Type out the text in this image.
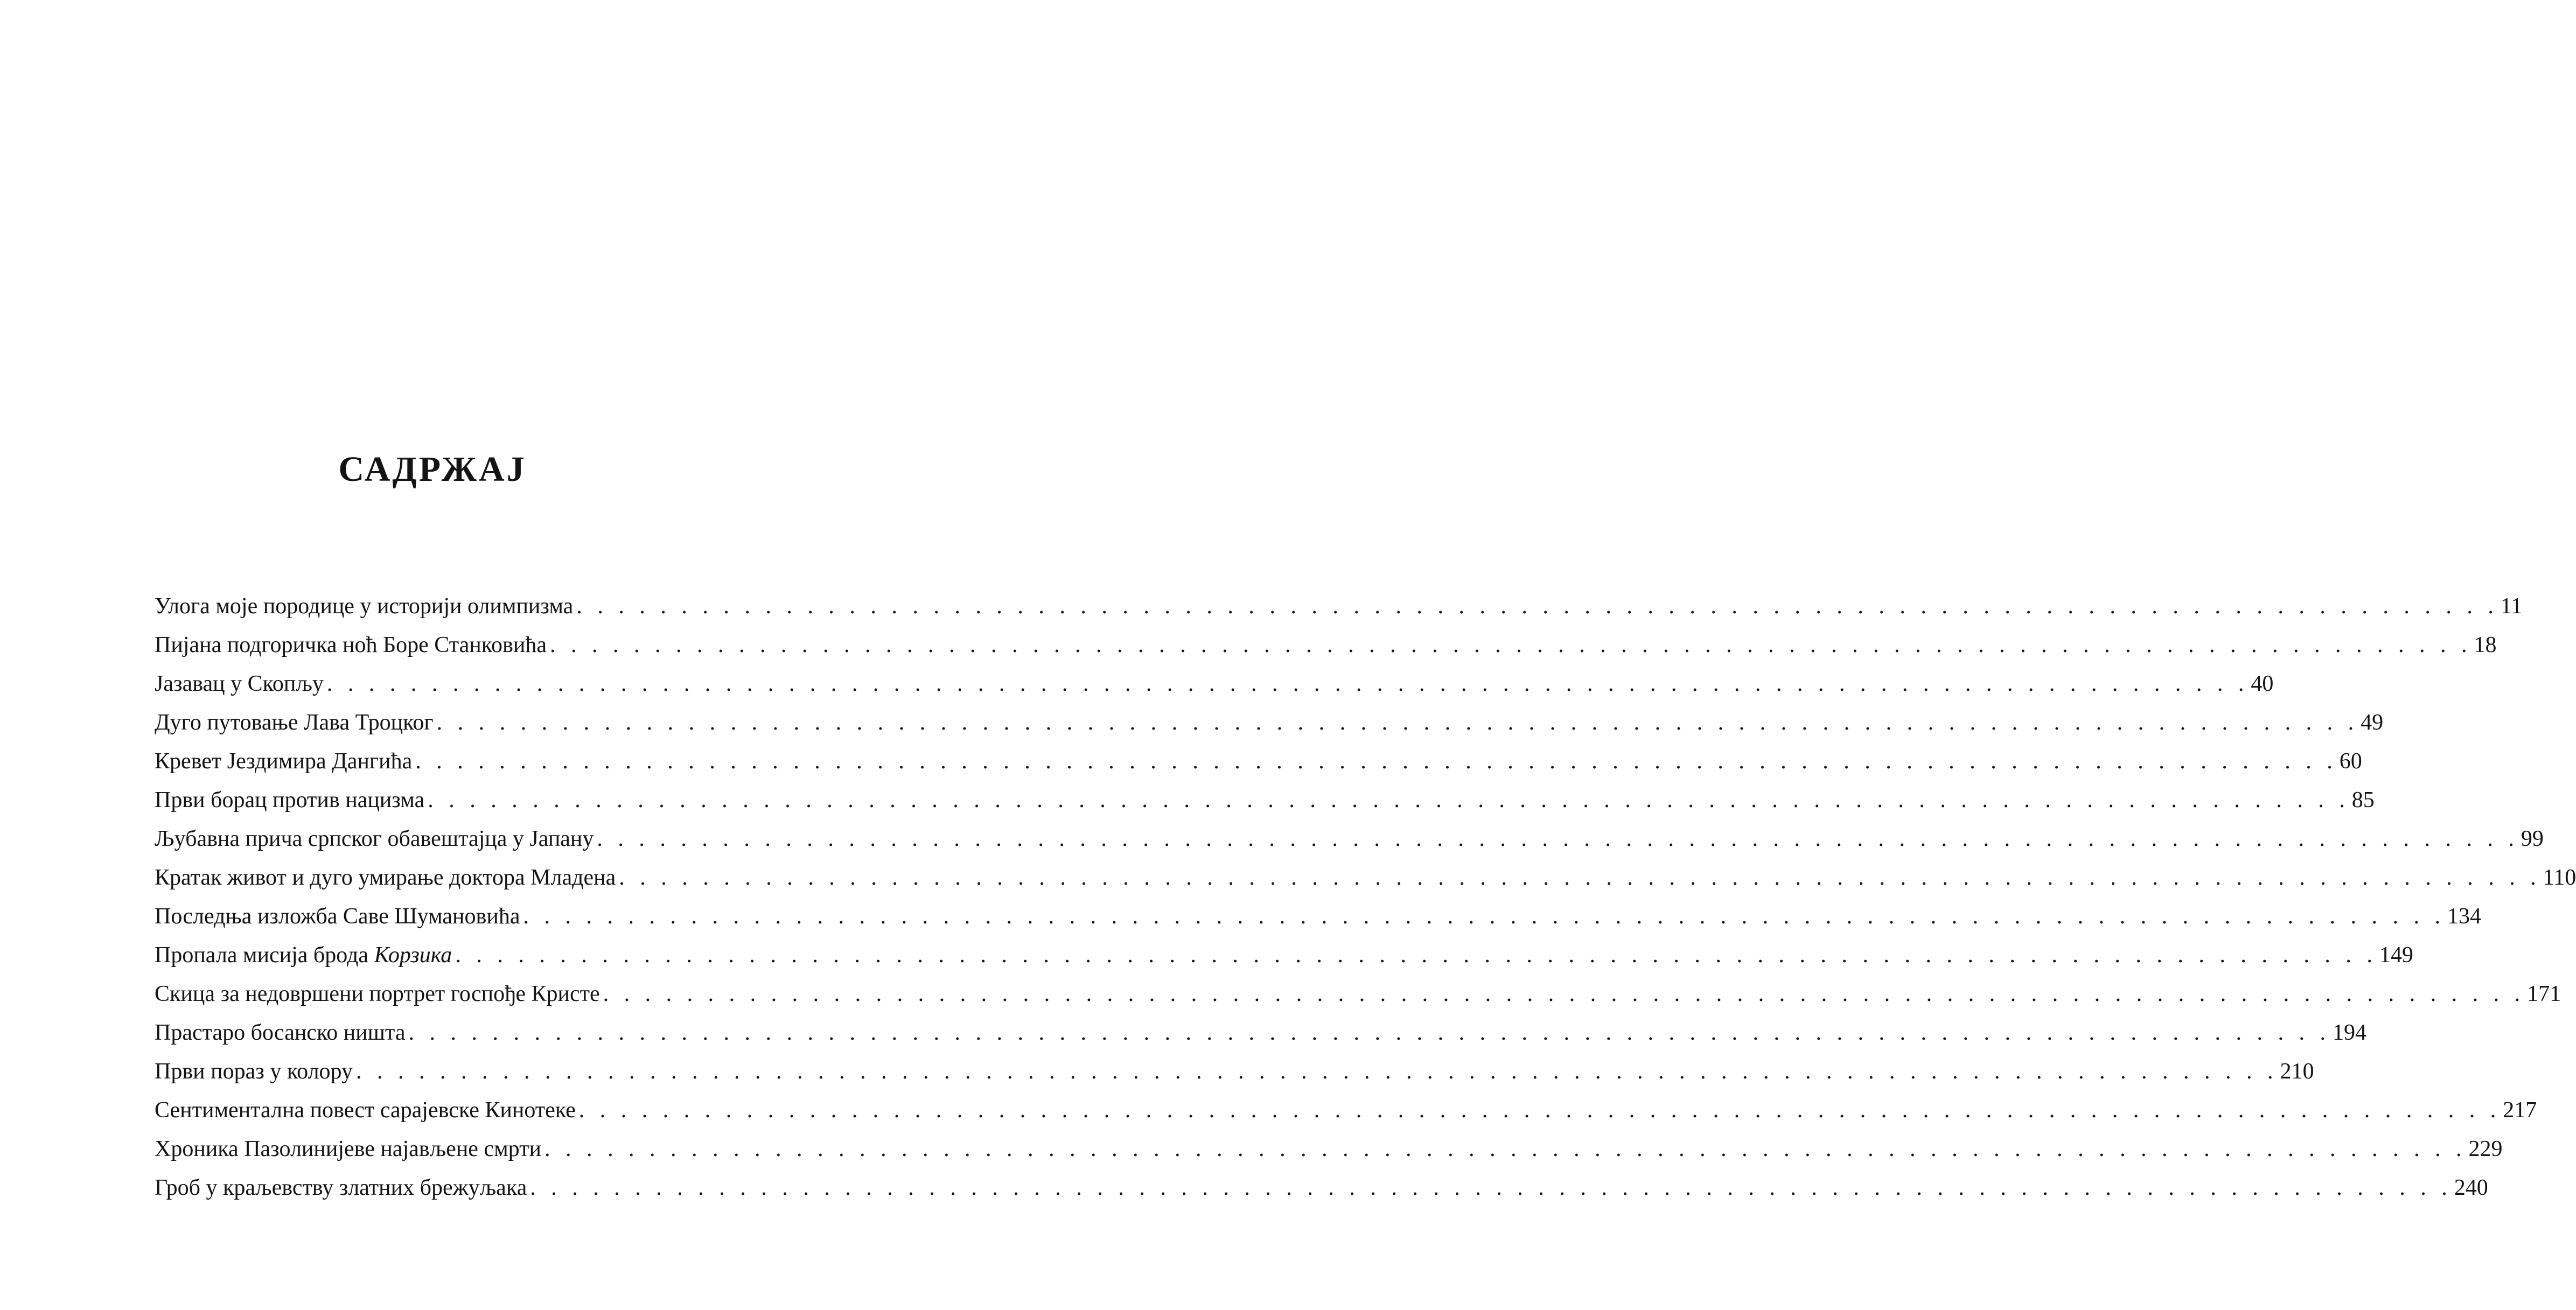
САДРЖАЈ
Улога моје породице у историји олимпизма . . . . . . . . . . . . . . . . . . . . . . . . . . . . . . . . . . . . . . . . . . . . . . . . . . . . . . . . . . . . . . . . . . . . . . . . . . . . . . . . . . . . . . . . . . . . 11
Пијана подгоричка ноћ Боре Станковића . . . . . . . . . . . . . . . . . . . . . . . . . . . . . . . . . . . . . . . . . . . . . . . . . . . . . . . . . . . . . . . . . . . . . . . . . . . . . . . . . . . . . . . . . . . . 18
Јазавац у Скопљу . . . . . . . . . . . . . . . . . . . . . . . . . . . . . . . . . . . . . . . . . . . . . . . . . . . . . . . . . . . . . . . . . . . . . . . . . . . . . . . . . . . . . . . . . . . . 40
Дуго путовање Лава Троцког . . . . . . . . . . . . . . . . . . . . . . . . . . . . . . . . . . . . . . . . . . . . . . . . . . . . . . . . . . . . . . . . . . . . . . . . . . . . . . . . . . . . . . . . . . . . 49
Кревет Јездимира Дангића . . . . . . . . . . . . . . . . . . . . . . . . . . . . . . . . . . . . . . . . . . . . . . . . . . . . . . . . . . . . . . . . . . . . . . . . . . . . . . . . . . . . . . . . . . . . 60
Први борац против нацизма . . . . . . . . . . . . . . . . . . . . . . . . . . . . . . . . . . . . . . . . . . . . . . . . . . . . . . . . . . . . . . . . . . . . . . . . . . . . . . . . . . . . . . . . . . . . 85
Љубавна прича српског обавештајца у Јапану . . . . . . . . . . . . . . . . . . . . . . . . . . . . . . . . . . . . . . . . . . . . . . . . . . . . . . . . . . . . . . . . . . . . . . . . . . . . . . . . . . . . . . . . . . . . 99
Кратак живот и дуго умирање доктора Младена . . . . . . . . . . . . . . . . . . . . . . . . . . . . . . . . . . . . . . . . . . . . . . . . . . . . . . . . . . . . . . . . . . . . . . . . . . . . . . . . . . . . . . . . . . . . 110
Последња изложба Саве Шумановића . . . . . . . . . . . . . . . . . . . . . . . . . . . . . . . . . . . . . . . . . . . . . . . . . . . . . . . . . . . . . . . . . . . . . . . . . . . . . . . . . . . . . . . . . . . . 134
Пропала мисија брода Корзика . . . . . . . . . . . . . . . . . . . . . . . . . . . . . . . . . . . . . . . . . . . . . . . . . . . . . . . . . . . . . . . . . . . . . . . . . . . . . . . . . . . . . . . . . . . . 149
Скица за недовршени портрет госпође Кристе . . . . . . . . . . . . . . . . . . . . . . . . . . . . . . . . . . . . . . . . . . . . . . . . . . . . . . . . . . . . . . . . . . . . . . . . . . . . . . . . . . . . . . . . . . . . 171
Прастаро босанско ништа . . . . . . . . . . . . . . . . . . . . . . . . . . . . . . . . . . . . . . . . . . . . . . . . . . . . . . . . . . . . . . . . . . . . . . . . . . . . . . . . . . . . . . . . . . . . 194
Први пораз у колору . . . . . . . . . . . . . . . . . . . . . . . . . . . . . . . . . . . . . . . . . . . . . . . . . . . . . . . . . . . . . . . . . . . . . . . . . . . . . . . . . . . . . . . . . . . . 210
Сентиментална повест сарајевске Кинотеке . . . . . . . . . . . . . . . . . . . . . . . . . . . . . . . . . . . . . . . . . . . . . . . . . . . . . . . . . . . . . . . . . . . . . . . . . . . . . . . . . . . . . . . . . . . . 217
Хроника Пазолинијеве најављене смрти . . . . . . . . . . . . . . . . . . . . . . . . . . . . . . . . . . . . . . . . . . . . . . . . . . . . . . . . . . . . . . . . . . . . . . . . . . . . . . . . . . . . . . . . . . . . 229
Гроб у краљевству златних брежуљака . . . . . . . . . . . . . . . . . . . . . . . . . . . . . . . . . . . . . . . . . . . . . . . . . . . . . . . . . . . . . . . . . . . . . . . . . . . . . . . . . . . . . . . . . . . . 240
